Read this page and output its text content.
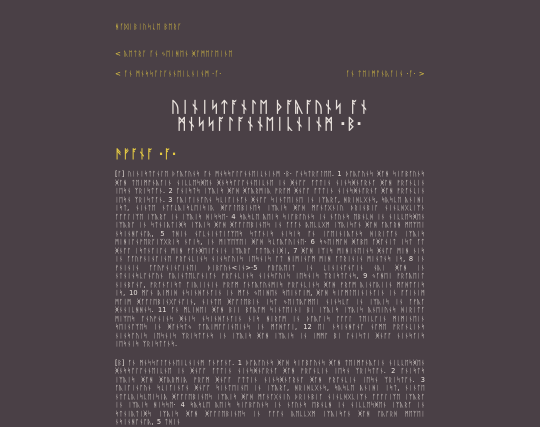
ᚻᚪᛞᛁᛒᛁᚢᛋᚳᛖ ᛒᛖᚱᚪ
< ᚣᛖᛏᚱᚪ ᚪᚾ ᛃᛖᛁᚻᛖᚾ ᚸᚪᛗᛖᛚᛖᛁᚾᛖ
< ᚪᚾ ᛗᚾᛋᛋᚪᛚᚪᚾᚾᛖᛁᚳᚾᛁᚾᛗ ·ᚪ·	ᚪᚾ ᛏᛖᛁᛗᚩᚾᚣᚪᛁᚾ ·ᚪ· >
ᚢᛁᚾᛁᛋᛏᚪᚾᛚᛖ ᚦᚪᚣᚪᚢᚾᛋ ᚪᚾ ᛗᚾᛋᛋᚪᛚᚪᚾᚾᛖᛁᚳᚾᛁᚾᛗ ·ᛒ·
ᚫᚠᚪᚾᚪ ·ᚪ·

[ᚪ] ᚢᛁᚾᛁᛋᛏᚪᚾᛚᛖ ᚦᚪᚣᚪᚢᚾᛋ ᚪᚾ ᛗᚾᛋᛋᚪᛚᚪᚾᚾᛖᛁᚳᚾᛁᚾᛗ ·ᛒ· ᚪᚾᛋᛏᚱᚪᛚᛖᛖ. 1 ᚦᚪᚣᚪᚢᚾᛋ ᚸᚪᚻ ᛋᛁᚪᛒᚪᚢᚾᛋ ᚸᚪᚻ ᛏᛖᛁᛗᚩᚾᚣᚪᛁᚾ ᚾᛁᚳᚳᛖᛋᚸᛖᚾ ᚸᚾᛋᛋᚪᛚᚪᚾᚾᛖᛁᚳᚾᛖ ᛁᚾ ᚸᚾᚪᚪ ᚪᛏᛏᛁᚾ ᚾᛁᚾᛋᚸᚾᚪᚱᚾᚪ ᚸᚪᚻ ᚠᚱᚪᚾᚳᛁᚾ ᛁᛖᛋᚾ ᛉᚱᛁᛋᛏᚪᚾ. 2 ᚪᚾᛁᛋᛏᛋ ᛁᛉᚣᛁᛋ ᚸᚪᚻ ᚸᚪᚣᚱᛗᛁᚣ ᚠᚱᚪᛗ ᚸᚾᚪᚪ ᚪᛏᛏᛁᚾ ᚾᛁᚾᛋᚸᚾᚪᚱᚾᚪ ᚸᚪᚻ ᚠᚱᚪᚾᚳᛁᚾ ᛁᛖᛋᚾ ᛉᚱᛁᛋᛏᚪᚾ. 3 ᚪᚣᛁᚪᛁᚾᚪᚢᚾ ᛋᚳᛁᚪᛁᚾᚪᚾ ᚸᚾᚪᚪ ᛋᛁᚾᛏᛖᛁᚾᛖ ᛁᚾ ᛁᛉᚣᚱᚪ, ᚻᚱᛁᚻᚳᚷᚾᛋ, ᛋᚣᛋᚳᛖ ᚣᚾᛁᚻᛁ ᛁᛋᛏ, ᚾᛁᚾᛏᛖ ᚾᛏᚪᚳᚣᛁᛋᚳᛖᛁᛋᛁᚣ ᚸᚪᚪᛚᛖᛒᛁᚾᛖᛋ ᛁᛉᚣᛁᛋ ᚸᚪᚻ ᛗᚪᚾᚪᚷᚾᛁᚢ ᚦᚱᛁᚾᛒᛁᚪ ᚾᛁᚾᚳᚻᚷᚳᛁᛉᚾ ᚪᚪᚪᛚᛁᛉᛖ ᛁᛉᚣᚱᚪ ᛁᚾ ᛁᛉᚣᛁᛋ ᚻᛁᛋᛋᛖ· 4 ᛋᚣᛋᚳᛖ ᚣᛖᛁᛋ ᛋᛁᚪᛒᚪᚢᚾᛋ ᛁᚾ ᚾᚪᚢᚾᛋ ᛖᛒᚾᚳᚻ ᛁᚾ ᚾᛁᚳᚳᛖᛋᚸᛖᚾ ᛁᛉᚣᚱᚪ ᛁᚾ ᛋᛏᚾᛁᚣᛏᛁᚸᛋ ᛁᛉᚣᛁᛋ ᚸᚪᚻ ᚸᚪᚪᛚᛖᛒᛁᚾᛖᛋ ᛁᚾ ᚪᚪᚪᚾ ᚣᛖᚳᚳᚷᛗ ᛁᛉᚣᛁᛋᚪᚾ ᚸᚪᚻ ᚪᚣᚪᚱᚻ ᛗᛖᛉᛖᛁ ᚾᛋᛁᚾᚻᚪᚾᚪᚣ, 5 ᛏᚻᛁᚾ ᚾᚪᚳᚾᛁᚾᛏᛁᚪᛉᛖᛋ ᛋᛏᚪᚾᛁᛋ ᚾᛁᛋᛁᛋ ᚪᚾ ᛁᚪᛖᛁᚾᛁᚣᚪᚾᛋ ᚻᛁᚱᛁᛏᚪᚾ ᛁᛉᚣᛁᛋ ᛗᛁᚻᛁᚪᚾᚠᛖᚱᚪᛁᛉᚷᚱᛁᛋ ᚾᚪᛁᛋ, ᛁᚾ ᛗᛁᛉᛖᛉᛖᛁ ᚸᚪᚻ ᛋᚳᚪᚣᚪᚢᛁᚾᛖ· 6 ᛋᛃᛖᛁᛗᚪᚻ ᚸᚪᛒᛖ ᚪᚸᚪᚾᛁᛏ ᛁᛋᛏ ᚪᛏ ᚸᚾᚪᚪ ᛁᛋᛏᚾᚪᛁᚪᚾ ᛗᛁᚻ ᚠᛏᚾᚸᛖᛁᚪᚾᛁᚾ ᛁᛉᚣᚱᚪ ᚪᛏᛏᚣᚾᛁᚸᛁ, 7 ᚸᚪᚻ ᛁᛉᛁᛋ ᛗᛁᚻᛁᚾᛖᛁᚾᛋ ᚸᚾᚪᚪ ᛗᛁᚻ ᚾᛁᛋ ᛁᚾ ᚪᚪᚢᚠᚾᛁᚾᚪᛁᚾᛖ ᚠᚱᚪᚾᚳᛁᚾᛋ ᚾᛁᚾᛋᚪᚢᛁᛋ ᛁᛖᛋᚾᛁᛋ ᚪᛏ ᚻᛁᛗᛁᚾᚪᛗ ᛗᛁᚻ ᚪᛏᚱᛁᚾᛁᚾ ᛗᛁᚾᛏᚾᛋ ᛁᛋ, 8 ᛁᚾ ᚠᚾᛁᚾᛁᚾ ᚪᚪᚢᚠᚾᛁᚾᚪᛁᚾᛖᛁ ᚦᛁᛒᚪᚢᚾ<ᛁᚾ>·5 ᚠᚱᚪᚣᛖᛁᛏ ᛁᚾ ᚳᛁᚾᛁᚾᚪᚾᚪᛁᚾ ᚾᚣᛁ ᚸᚪᚻ ᛁᚾ ᚾᛏᚾᛁᚾᛋᚳᚪᚾᚪᚢᚾ ᚪᚣᛁᚾᛏᛖᚳᚪᚾᛁᚪᚾ ᚠᚱᚪᚾᚳᛁᚾᛋ ᚾᛁᚾᛋᚪᚢᛁᛋ ᛁᛖᛋᚾᛁᛋ ᛉᚱᛁᛋᛏᚪᚾᛋ, 9 ᛃᚪᚻᛖᛁ ᚠᚱᚪᚣᛖᛁᛏ ᚾᛁᚾᛒᚪᚾᚪ, ᚠᚱᚪᚾᚪᛁᛋᛏ ᚪᛁᚣᛁᛁᚾᛁᚾ ᚠᚱᚪᛗ ᚪᚾᚪᚣᚪᚢᚾᛗᛁᛋ ᚠᚱᚪᚾᚳᛁᚾᛋ ᚸᚪᚻ ᚠᚱᚪᛗ ᚣᛁᚾᚪᚣᛁᛁᚾ ᛗᚪᚻᛏᚪᛁᛋ ᛁᛋ, 10 ᛗᚪᚾ ᚣᛁᛗᛁᚻ ᚾᛋᛁᚾᚻᚪᚾᚪᛁᚾ ᛁᚾ ᛗᚪᚾ ᛃᛖᛁᚻᛖᚾ ᛋᛖᛁᚾᚪᛁᛗ, ᚸᚪᚻ ᛋᛁᚪᛗᛚᛖᛁᚾᛁᚾᚪᛁᚾ ᛁᚾ ᚪᚪᛁᚾᛁᛗ ᛗᚪᛁᛗ ᚸᚪᚪᛚᛖᛒᛁᚾᚷᚪᚾᚪᛁᚾ, ᚾᛁᚾᛏᛖ ᚸᚪᚪᛚᛖᛒᛁᚾ ᛁᛋᛏ ᛃᛖᛁᛏᚣᚪᛗᛖᛁ ᚾᛁᚾᛋᚳᚪ ᛁᚾ ᛁᛉᚣᛁᛋ ᛁᚾ ᚪᚠᚣᚪ ᚸᚾᚾᛁᚳᚻᚻᚾᛋ. 11 ᚪᚾ ᛗᚳᛁᚻᛖᛁ ᚸᚪᚻ ᛒᛁᛁ ᛒᚪᚣᚪᛗ ᛋᛁᚾᛏᛖᛁᚾᛁ ᛒᛁ ᛁᛉᚣᛁᛋ ᛁᛉᚣᛁᛋ ᚣᚾᛖᛁᚢᚾᛋ ᚻᛁᚱᛁᛏᚪ ᛗᛁᛉᛖᛋ ᚪᚾᚢᚠᚾᛁᚾᛋ ᚸᚾᛁᛋ ᚾᛋᛁᚾᚻᚪᚾᚪᛁᚾ ᚾᛁᛋ ᚻᛁᚱᚪᛗ ᛁᚾ ᚦᚪᚣᚪᛁᛋ ᚪᚪᚪᛚ ᛏᛖᛁᚳᚪᛁᚾ ᛗᛁᛗᛁᚾᛖᛁᚾ ᛋᛖᛁᚾᚪᛉᛖᛋ ᛁᚾ ᚸᚪᚾᛋᛏᛃ ᛏᚪᚣᛁᛗᚪᚪᛁᚾᛖᛁᚾᛋ ᛁᚾ ᛗᚪᚻᛏᚪᛁ, 12 ᛖᛁ ᚾᛋᛁᚾᚻᚪᚾᚪ ᚾᚪᛗᛖ ᚠᚱᚪᚾᚳᛁᚾᛋ ᚾᛁᚾᛋᚪᚢᛁᛋ ᛁᛖᛋᚾᛁᛋ ᛉᚱᛁᛋᛏᚪᚾᛋ ᛁᚾ ᛁᛉᚣᛁᛋ ᚸᚪᚻ ᛁᛉᚣᛁᛋ ᛁᚾ ᛁᛗᛗᚪ ᛒᛁ ᚪᚾᛁᛋᛏᛁ ᚸᚾᚪᚪ ᚾᛁᚾᛋᚪᛁᛋ ᛁᛖᛋᚾᛁᛋ ᛉᚱᛁᛋᛏᚪᚾᛋ.

[ᛒ] ᚪᚾ ᛗᚾᛋᛋᚪᛚᚪᚾᚾᛖᛁᚳᚾᛁᚾᛗ ᚪᚾᚠᚪᚾᚪ. 1 ᚦᚪᚣᚪᚢᚾᛋ ᚸᚪᚻ ᛋᛁᚪᛒᚪᚢᚾᛋ ᚸᚪᚻ ᛏᛖᛁᛗᚩᚾᚣᚪᛁᚾ ᚾᛁᚳᚳᛖᛋᚸᛖᚾ ᚸᚾᛋᛋᚪᛚᚪᚾᚾᛖᛁᚳᚾᛖ ᛁᚾ ᚸᚾᚪᚪ ᚪᛏᛏᛁᚾ ᚾᛁᚾᛋᚸᚾᚪᚱᚾᚪ ᚸᚪᚻ ᚠᚱᚪᚾᚳᛁᚾ ᛁᛖᛋᚾ ᛉᚱᛁᛋᛏᚪᚾ. 2 ᚪᚾᛁᛋᛏᛋ ᛁᛉᚣᛁᛋ ᚸᚪᚻ ᚸᚪᚣᚱᛗᛁᚣ ᚠᚱᚪᛗ ᚸᚾᚪᚪ ᚪᛏᛏᛁᚾ ᚾᛁᚾᛋᚸᚾᚪᚱᚾᚪ ᚸᚪᚻ ᚠᚱᚪᚾᚳᛁᚾ ᛁᛖᛋᚾ ᛉᚱᛁᛋᛏᚪᚾ. 3 ᚪᚣᛁᚪᛁᚾᚪᚢᚾ ᛋᚳᛁᚪᛁᚾᚪᚾ ᚸᚾᚪᚪ ᛋᛁᚾᛏᛖᛁᚾᛖ ᛁᚾ ᛁᛉᚣᚱᚪ, ᚻᚱᛁᚻᚳᚷᚾᛋ, ᛋᚣᛋᚳᛖ ᚣᚾᛁᚻᛁ ᛁᛋᛏ, ᚾᛁᚾᛏᛖ ᚾᛏᚪᚳᚣᛁᛋᚳᛖᛁᛋᛁᚣ ᚸᚪᚪᛚᛖᛒᛁᚾᛖᛋ ᛁᛉᚣᛁᛋ ᚸᚪᚻ ᛗᚪᚾᚪᚷᚾᛁᚢ ᚦᚱᛁᚾᛒᛁᚪ ᚾᛁᚾᚳᚻᚷᚳᛁᛉᚾ ᚪᚪᚪᛚᛁᛉᛖ ᛁᛉᚣᚱᚪ ᛁᚾ ᛁᛉᚣᛁᛋ ᚻᛁᛋᛋᛖ· 4 ᛋᚣᛋᚳᛖ ᚣᛖᛁᛋ ᛋᛁᚪᛒᚪᚢᚾᛋ ᛁᚾ ᚾᚪᚢᚾᛋ ᛖᛒᚾᚳᚻ ᛁᚾ ᚾᛁᚳᚳᛖᛋᚸᛖᚾ ᛁᛉᚣᚱᚪ ᛁᚾ ᛋᛏᚾᛁᚣᛏᛁᚸᛋ ᛁᛉᚣᛁᛋ ᚸᚪᚻ ᚸᚪᚪᛚᛖᛒᛁᚾᛖᛋ ᛁᚾ ᚪᚪᚪᚾ ᚣᛖᚳᚳᚷᛗ ᛁᛉᚣᛁᛋᚪᚾ ᚸᚪᚻ ᚪᚣᚪᚱᚻ ᛗᛖᛉᛖᛁ ᚾᛋᛁᚾᚻᚪᚾᚪᚣ, 5 ᛏᚻᛁᚾ
